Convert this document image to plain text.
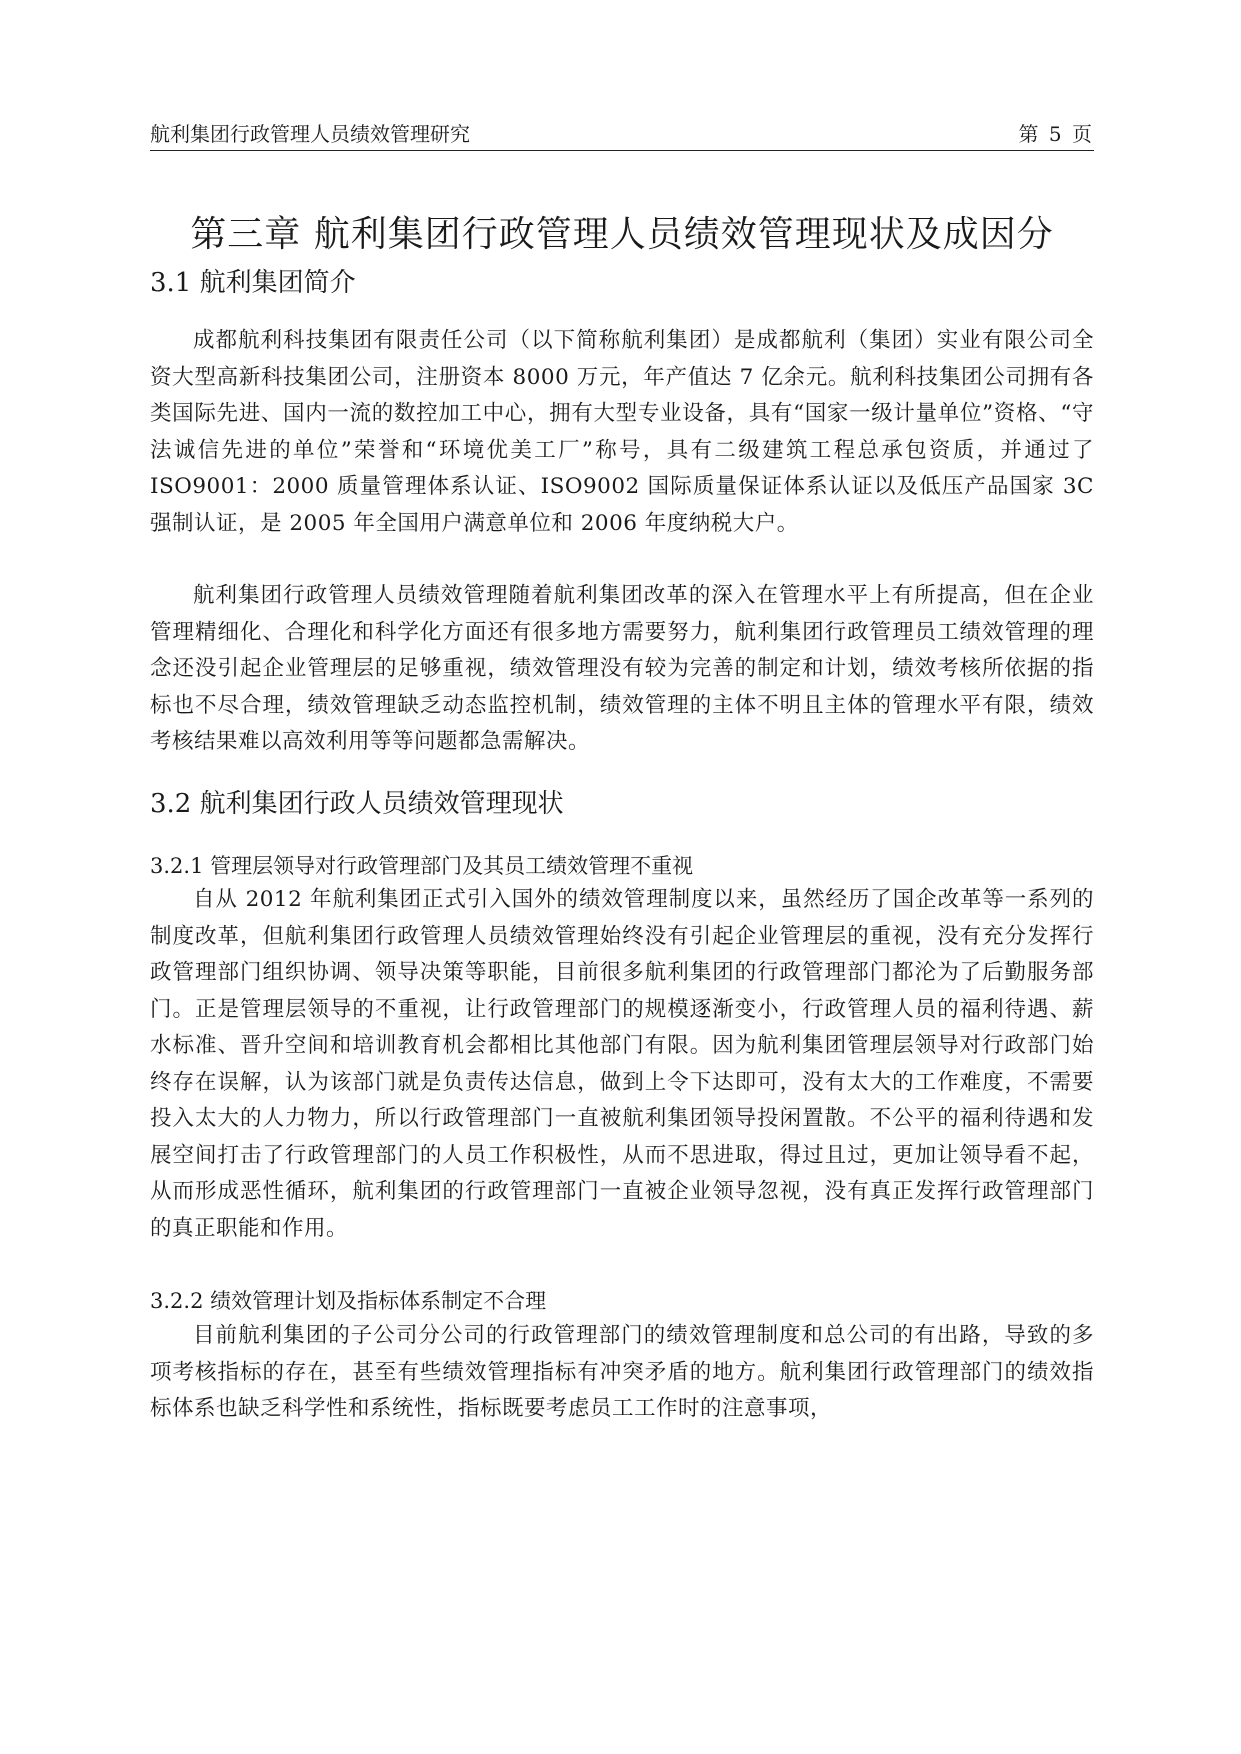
航利集团行政管理人员绩效管理研究	第 5 页
第三章 航利集团行政管理人员绩效管理现状及成因分
3.1 航利集团简介

成都航利科技集团有限责任公司（以下简称航利集团）是成都航利（集团）实业有限公司全资大型高新科技集团公司，注册资本 8000 万元，年产值达 7 亿余元。航利科技集团公司拥有各类国际先进、国内一流的数控加工中心，拥有大型专业设备，具有“国家一级计量单位”资格、“守法诚信先进的单位”荣誉和“环境优美工厂”称号，具有二级建筑工程总承包资质，并通过了 ISO9001：2000 质量管理体系认证、ISO9002 国际质量保证体系认证以及低压产品国家 3C 强制认证，是 2005 年全国用户满意单位和 2006 年度纳税大户。

航利集团行政管理人员绩效管理随着航利集团改革的深入在管理水平上有所提高，但在企业管理精细化、合理化和科学化方面还有很多地方需要努力，航利集团行政管理员工绩效管理的理念还没引起企业管理层的足够重视，绩效管理没有较为完善的制定和计划，绩效考核所依据的指标也不尽合理，绩效管理缺乏动态监控机制，绩效管理的主体不明且主体的管理水平有限，绩效考核结果难以高效利用等等问题都急需解决。

3.2 航利集团行政人员绩效管理现状
3.2.1 管理层领导对行政管理部门及其员工绩效管理不重视

自从 2012 年航利集团正式引入国外的绩效管理制度以来，虽然经历了国企改革等一系列的制度改革，但航利集团行政管理人员绩效管理始终没有引起企业管理层的重视，没有充分发挥行政管理部门组织协调、领导决策等职能，目前很多航利集团的行政管理部门都沦为了后勤服务部门。正是管理层领导的不重视，让行政管理部门的规模逐渐变小，行政管理人员的福利待遇、薪水标准、晋升空间和培训教育机会都相比其他部门有限。因为航利集团管理层领导对行政部门始终存在误解，认为该部门就是负责传达信息，做到上令下达即可，没有太大的工作难度，不需要投入太大的人力物力，所以行政管理部门一直被航利集团领导投闲置散。不公平的福利待遇和发展空间打击了行政管理部门的人员工作积极性，从而不思进取，得过且过，更加让领导看不起，从而形成恶性循环，航利集团的行政管理部门一直被企业领导忽视，没有真正发挥行政管理部门的真正职能和作用。

3.2.2 绩效管理计划及指标体系制定不合理

目前航利集团的子公司分公司的行政管理部门的绩效管理制度和总公司的有出路，导致的多项考核指标的存在，甚至有些绩效管理指标有冲突矛盾的地方。航利集团行政管理部门的绩效指标体系也缺乏科学性和系统性，指标既要考虑员工工作时的注意事项，
